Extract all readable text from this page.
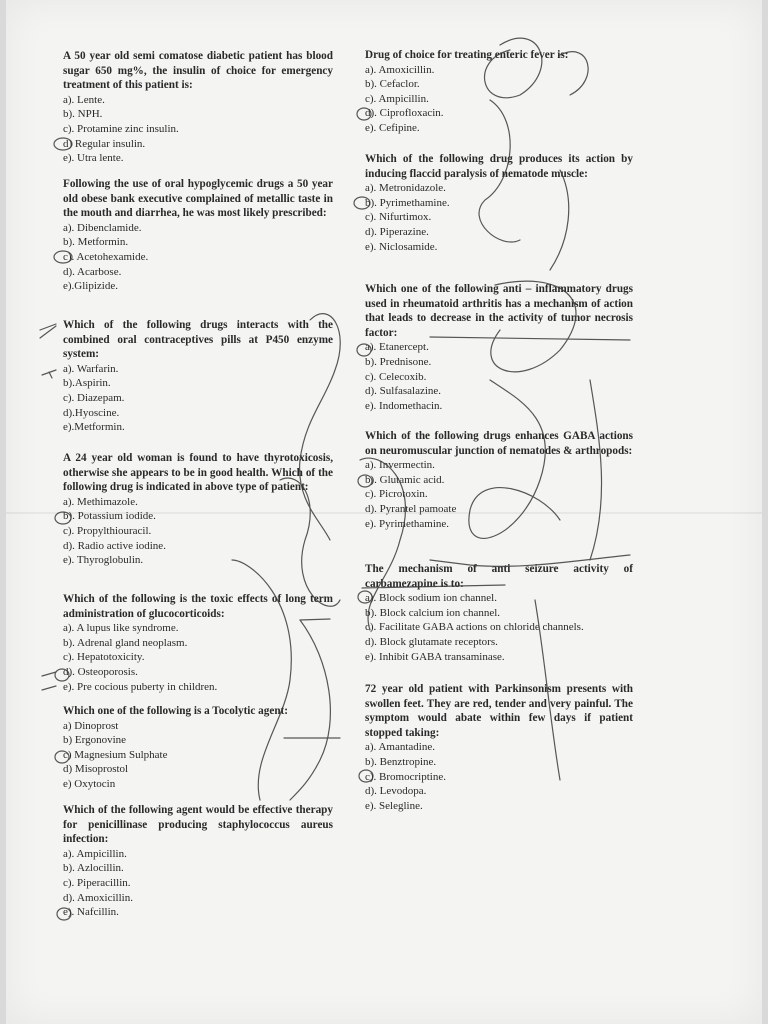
A 50 year old semi comatose diabetic patient has blood sugar 650 mg%, the insulin of choice for emergency treatment of this patient is:

a). Lente.

b). NPH.

c). Protamine zinc insulin.

d) Regular insulin.

e). Utra lente.

Following the use of oral hypoglycemic drugs a 50 year old obese bank executive complained of metallic taste in the mouth and diarrhea, he was most likely prescribed:

a). Dibenclamide.

b). Metformin.

c). Acetohexamide.

d). Acarbose.

e).Glipizide.

Which of the following drugs interacts with the combined oral contraceptives pills at P450 enzyme system:

a). Warfarin.

b).Aspirin.

c). Diazepam.

d).Hyoscine.

e).Metformin.

A 24 year old woman is found to have thyrotoxicosis, otherwise she appears to be in good health. Which of the following drug is indicated in above type of patient:

a). Methimazole.

b). Potassium iodide.

c). Propylthiouracil.

d). Radio active iodine.

e). Thyroglobulin.

Which of the following is the toxic effects of long term administration of glucocorticoids:

a). A lupus like syndrome.

b). Adrenal gland neoplasm.

c). Hepatotoxicity.

d). Osteoporosis.

e). Pre cocious puberty in children.

Which one of the following is a Tocolytic agent:

a) Dinoprost

b) Ergonovine

c) Magnesium Sulphate

d) Misoprostol

e) Oxytocin

Which of the following agent would be effective therapy for penicillinase producing staphylococcus aureus infection:

a). Ampicillin.

b). Azlocillin.

c). Piperacillin.

d). Amoxicillin.

e). Nafcillin.

Drug of choice for treating enteric fever is:

a). Amoxicillin.

b). Cefaclor.

c). Ampicillin.

d). Ciprofloxacin.

e). Cefipine.

Which of the following drug produces its action by inducing flaccid paralysis of nematode muscle:

a). Metronidazole.

b). Pyrimethamine.

c). Nifurtimox.

d). Piperazine.

e). Niclosamide.

Which one of the following anti – inflammatory drugs used in rheumatoid arthritis has a mechanism of action that leads to decrease in the activity of tumor necrosis factor:

a). Etanercept.

b). Prednisone.

c). Celecoxib.

d). Sulfasalazine.

e). Indomethacin.

Which of the following drugs enhances GABA actions on neuromuscular junction of nematodes & arthropods:

a). Invermectin.

b). Glutamic acid.

c). Picrotoxin.

d). Pyrantel pamoate

e). Pyrimethamine.

The mechanism of anti seizure activity of carbamezapine is to:

a). Block sodium ion channel.

b). Block calcium ion channel.

c). Facilitate GABA actions on chloride channels.

d). Block glutamate receptors.

e). Inhibit GABA transaminase.

72 year old patient with Parkinsonism presents with swollen feet. They are red, tender and very painful. The symptom would abate within few days if patient stopped taking:

a). Amantadine.

b). Benztropine.

c). Bromocriptine.

d). Levodopa.

e). Selegline.
